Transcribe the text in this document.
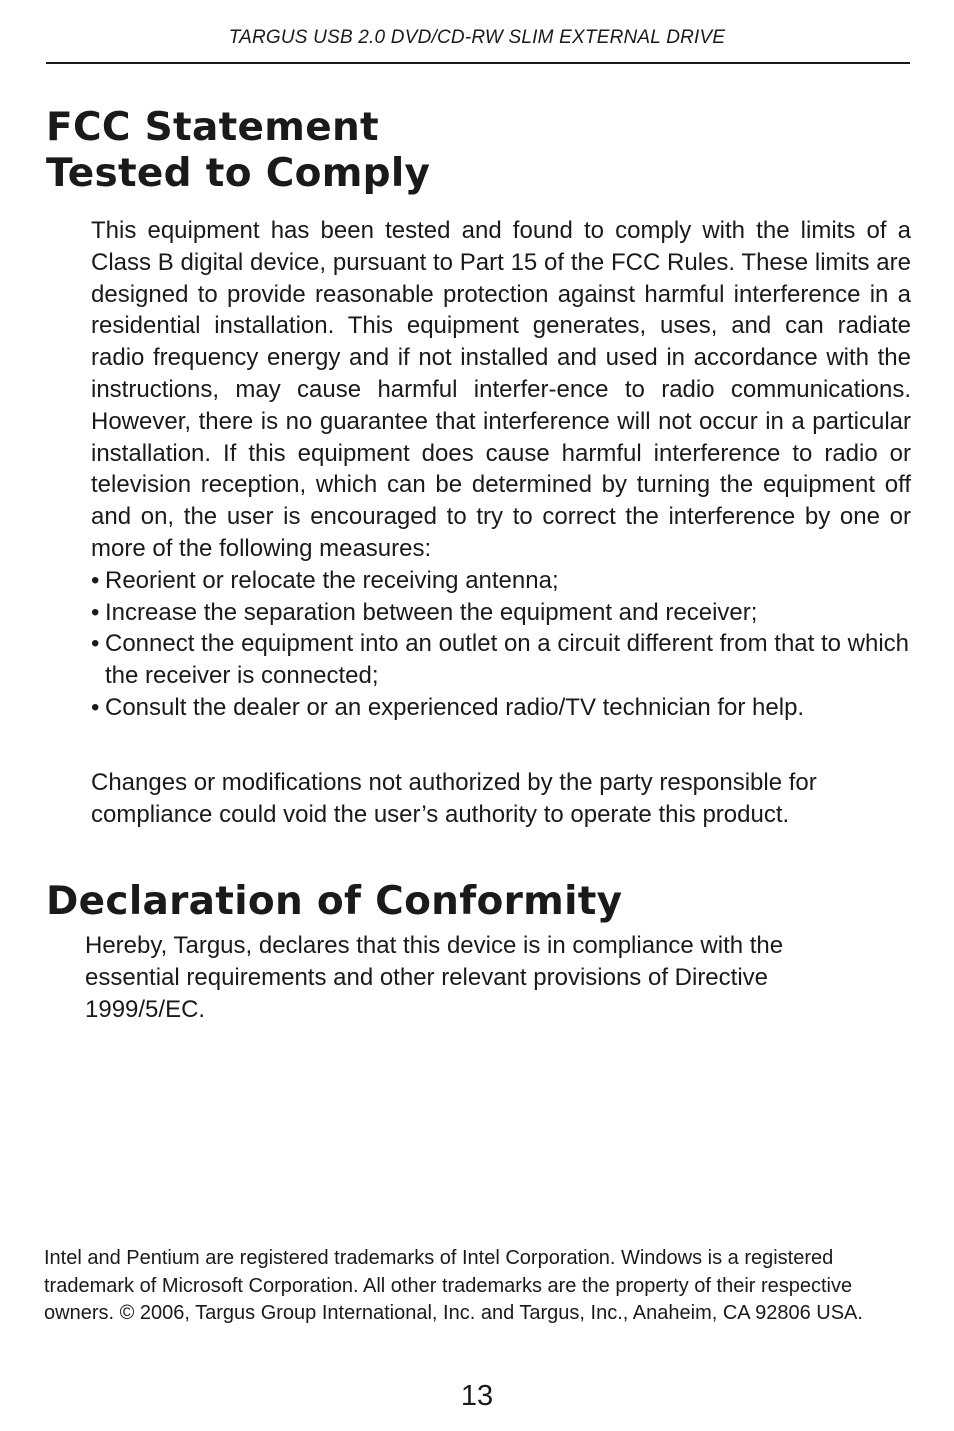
TARGUS USB 2.0 DVD/CD-RW SLIM EXTERNAL DRIVE
FCC Statement
Tested to Comply

This equipment has been tested and found to comply with the limits of a Class B digital device, pursuant to Part 15 of the FCC Rules. These limits are designed to provide reasonable protection against harmful interference in a residential installation. This equipment generates, uses, and can radiate radio frequency energy and if not installed and used in accordance with the instructions, may cause harmful interfer-ence to radio communications. However, there is no guarantee that interference will not occur in a particular installation. If this equipment does cause harmful interference to radio or television reception, which can be determined by turning the equipment off and on, the user is encouraged to try to correct the interference by one or more of the following measures:

• Reorient or relocate the receiving antenna;
• Increase the separation between the equipment and receiver;
• Connect the equipment into an outlet on a circuit different from that to which the receiver is connected;
• Consult the dealer or an experienced radio/TV technician for help.

Changes or modifications not authorized by the party responsible for compliance could void the user’s authority to operate this product.

Declaration of Conformity

Hereby, Targus, declares that this device is in compliance with the essential requirements and other relevant provisions of Directive 1999/5/EC.

Intel and Pentium are registered trademarks of Intel Corporation. Windows is a registered trademark of Microsoft Corporation. All other trademarks are the property of their respective owners. © 2006, Targus Group International, Inc. and Targus, Inc., Anaheim, CA 92806 USA.

13
